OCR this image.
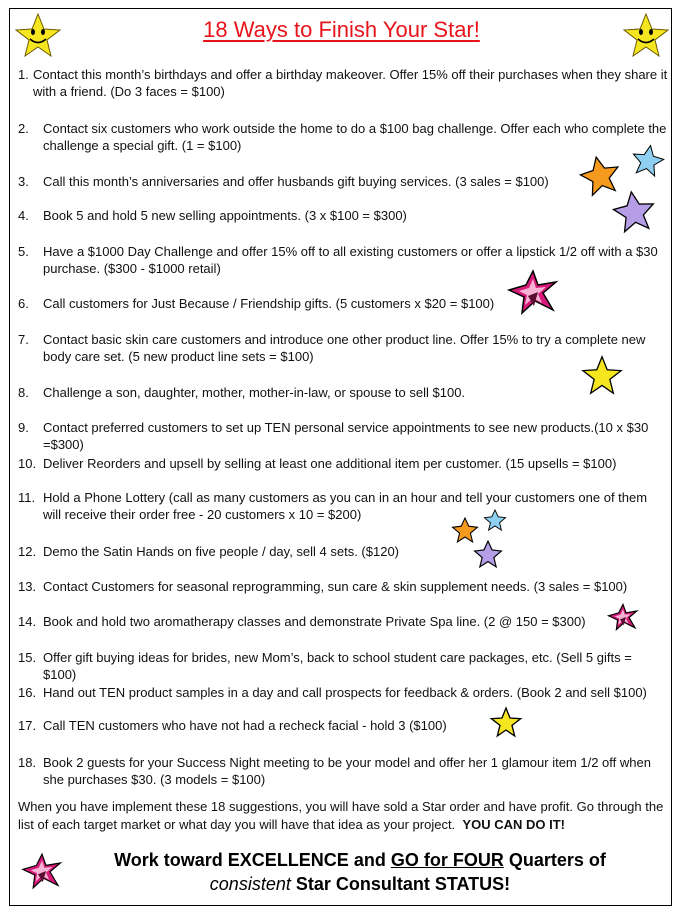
18 Ways to Finish Your Star!
1. Contact this month’s birthdays and offer a birthday makeover. Offer 15% off their purchases when they share it with a friend. (Do 3 faces = $100)
2.	Contact six customers who work outside the home to do a $100 bag challenge. Offer each who complete the challenge a special gift. (1 = $100)
3.	Call this month’s anniversaries and offer husbands gift buying services. (3 sales = $100)
4.	Book 5 and hold 5 new selling appointments. (3 x $100 = $300)
5.	Have a $1000 Day Challenge and offer 15% off to all existing customers or offer a lipstick 1/2 off with a $30 purchase. ($300 - $1000 retail)
6.	Call customers for Just Because / Friendship gifts. (5 customers x $20 = $100)
7.	Contact basic skin care customers and introduce one other product line. Offer 15% to try a complete new body care set. (5 new product line sets = $100)
8.	Challenge a son, daughter, mother, mother-in-law, or spouse to sell $100.
9.	Contact preferred customers to set up TEN personal service appointments to see new products.(10 x $30 =$300)
10. Deliver Reorders and upsell by selling at least one additional item per customer. (15 upsells = $100)
11. Hold a Phone Lottery (call as many customers as you can in an hour and tell your customers one of them will receive their order free - 20 customers x 10 = $200)
12. Demo the Satin Hands on five people / day, sell 4 sets. ($120)
13. Contact Customers for seasonal reprogramming, sun care & skin supplement needs. (3 sales = $100)
14. Book and hold two aromatherapy classes and demonstrate Private Spa line. (2 @ 150 = $300)
15. Offer gift buying ideas for brides, new Mom’s, back to school student care packages, etc. (Sell 5 gifts = $100)
16. Hand out TEN product samples in a day and call prospects for feedback & orders. (Book 2 and sell $100)
17. Call TEN customers who have not had a recheck facial - hold 3 ($100)
18. Book 2 guests for your Success Night meeting to be your model and offer her 1 glamour item 1/2 off when she purchases $30. (3 models = $100)
When you have implement these 18 suggestions, you will have sold a Star order and have profit. Go through the list of each target market or what day you will have that idea as your project. YOU CAN DO IT!
Work toward EXCELLENCE and GO for FOUR Quarters of
consistent Star Consultant STATUS!
